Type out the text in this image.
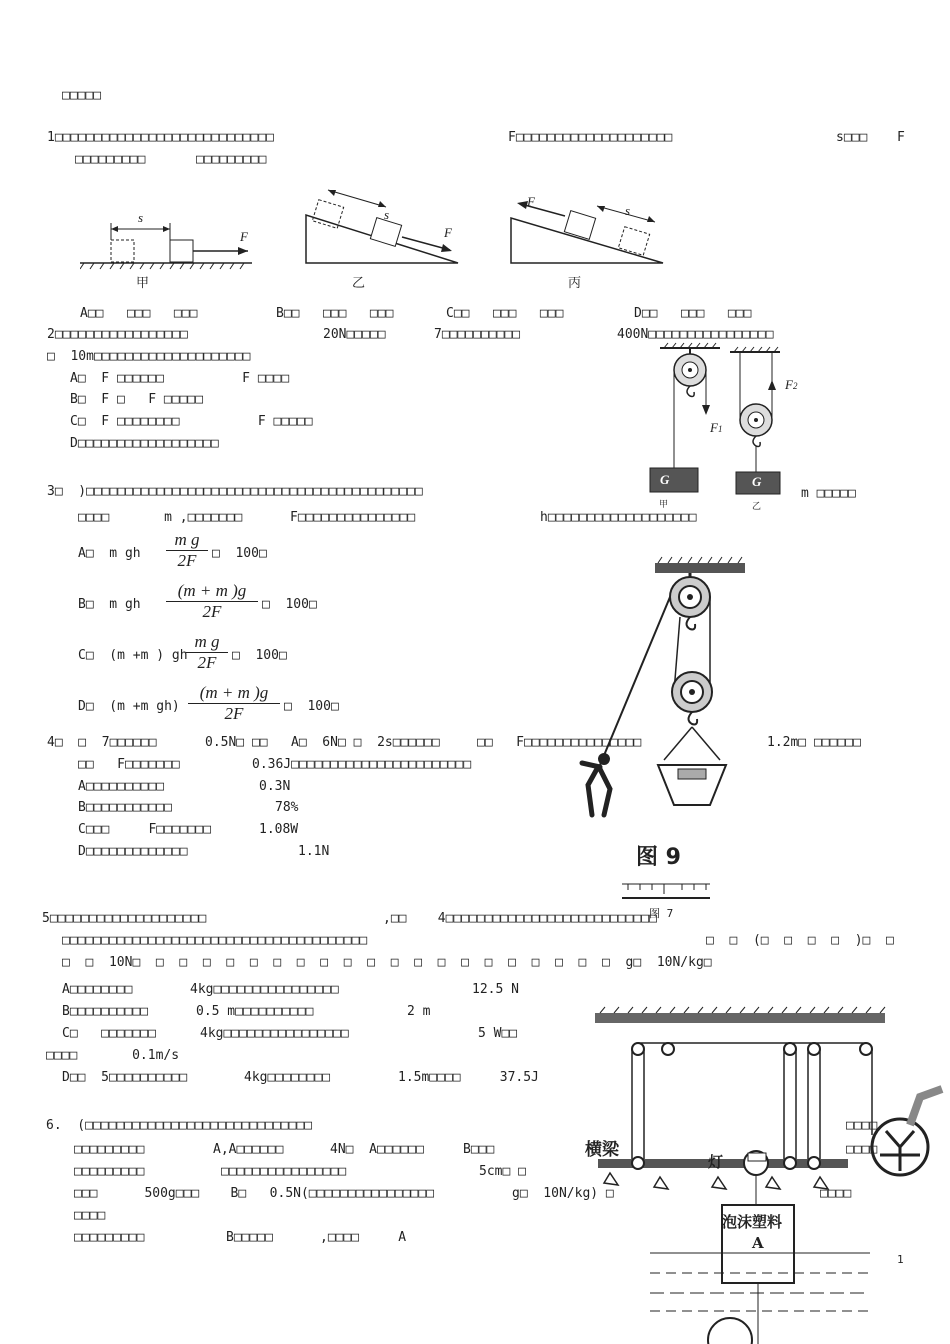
□□□□□
1□□□□□□□□□□□□□□□□□□□□□□□□□□□□	F□□□□□□□□□□□□□□□□□□□□	s□□□ F
□□□□□□□□□	□□□□□□□□□
s
F
甲
s
F
乙
F
s
丙
A□□   □□□   □□□	B□□   □□□   □□□	C□□   □□□   □□□	D□□   □□□   □□□
2□□□□□□□□□□□□□□□□□	20N□□□□□	7□□□□□□□□□□	400N□□□□□□□□□□□□□□□□
□  10m□□□□□□□□□□□□□□□□□□□□
A□  F □□□□□□          F □□□□
B□  F □   F □□□□□
C□  F □□□□□□□□          F □□□□□
D□□□□□□□□□□□□□□□□□□
F1
F2
G	G
甲	乙
3□  )□□□□□□□□□□□□□□□□□□□□□□□□□□□□□□□□□□□□□□□□□□□	m □□□□□
□□□□       m ,□□□□□□□	F□□□□□□□□□□□□□□□	h□□□□□□□□□□□□□□□□□□□
A□  m gh $\frac{\text{m g}}{2F}$ □  100□
B□  m gh $\frac{(m + m )g}{2F}$ □  100□
C□  (m +m ) gh
$\frac{\text{m g}}{2F}$ □  100□
D□  (m +m $gh) \frac{(m + m )g}{2F}$ □  100□
图 9
4□  □  7□□□□□□	0.5N□ □□ A□  6N□ □  2s□□□□□□	□□   F□□□□□□□□□□□□□□□	1.2m□ □□□□□□
□□   F□□□□□□□	0.36J□□□□□□□□□□□□□□□□□□□□□□□
A□□□□□□□□□□	0.3N
B□□□□□□□□□□□	78%
C□□□     F□□□□□□□	1.08W
D□□□□□□□□□□□□□	1.1N
图 7
5□□□□□□□□□□□□□□□□□□□□	,□□    4□□□□□□□□□□□□□□□□□□□□□□□□□□□
□□□□□□□□□□□□□□□□□□□□□□□□□□□□□□□□□□□□□□□	□  □  (□  □  □  □  )□  □
□  □  10N□  □  □  □  □  □  □  □  □  □  □  □  □  □  □  □  □  □  □  □  □  g□  10N/kg□
A□□□□□□□□	4kg□□□□□□□□□□□□□□□□	12.5 N
B□□□□□□□□□□	0.5 m□□□□□□□□□□	2 m
C□   □□□□□□□	4kg□□□□□□□□□□□□□□□□	5 W□□
□□□□       0.1m/s
D□□  5□□□□□□□□□□	4kg□□□□□□□□	1.5m□□□□     37.5J
横梁
灯
泡沫塑料
A
6.  (□□□□□□□□□□□□□□□□□□□□□□□□□□□□□	□□□□
□□□□□□□□□	A,A□□□□□□	4N□  A□□□□□□	B□□□	□□□□
□□□□□□□□□	□□□□□□□□□□□□□□□□	5cm□ □
□□□      500g□□□    B□   0.5N(□□□□□□□□□□□□□□□□	g□  10N/kg) □	□□□□
□□□□
□□□□□□□□□	B□□□□□	,□□□□     A
1
